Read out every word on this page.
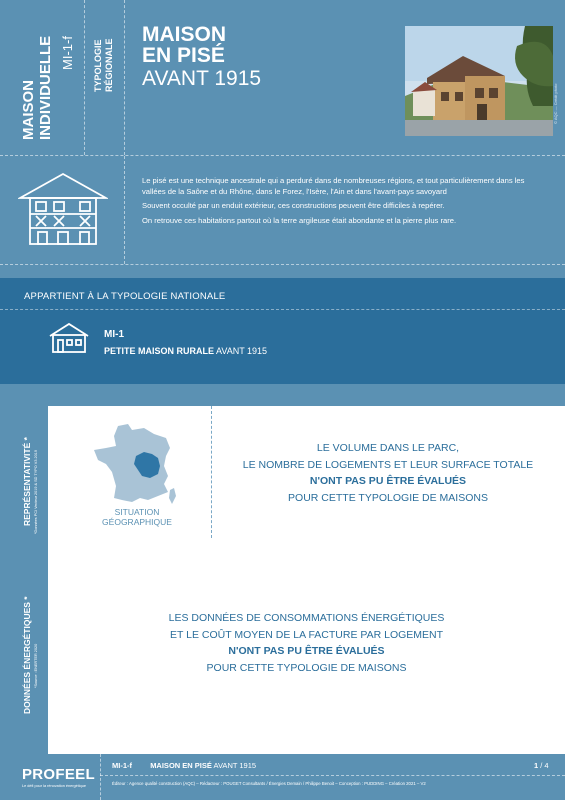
MAISON INDIVIDUELLE MI-1-f TYPOLOGIE RÉGIONALE
MAISON
EN PISÉ
AVANT 1915
© AQC — Crédit photo

Le pisé est une technique ancestrale qui a perduré dans de nombreuses régions, et tout particulièrement dans les vallées de la Saône et du Rhône, dans le Forez, l'Isère, l'Ain et dans l'avant-pays savoyard

Souvent occulté par un enduit extérieur, ces constructions peuvent être difficiles à repérer.

On retrouve ces habitations partout où la terre argileuse était abondante et la pierre plus rare.

APPARTIENT À LA TYPOLOGIE NATIONALE
MI-1
PETITE MAISON RURALE AVANT 1915
REPRÉSENTATIVITÉ * *Données PCI Vecteur 2019 & SD TYPO V3 2019	SITUATION
GÉOGRAPHIQUE
LE VOLUME DANS LE PARC,
LE NOMBRE DE LOGEMENTS ET LEUR SURFACE TOTALE
N'ONT PAS PU ÊTRE ÉVALUÉS
POUR CETTE TYPOLOGIE DE MAISONS
DONNÉES ÉNERGÉTIQUES * *Source : ENERTER 2020
LES DONNÉES DE CONSOMMATIONS ÉNERGÉTIQUES
ET LE COÛT MOYEN DE LA FACTURE PAR LOGEMENT
N'ONT PAS PU ÊTRE ÉVALUÉS
POUR CETTE TYPOLOGIE DE MAISONS
PROFEEL
Le défi pour la rénovation énergétique
MI-1-f MAISON EN PISÉ AVANT 1915	1 / 4
Éditeur : Agence qualité construction (AQC) – Rédacteur : POUGET Consultants / Énergies Demain / Philippe Benoit – Conception : PUDDING – Création 2021 – V2
